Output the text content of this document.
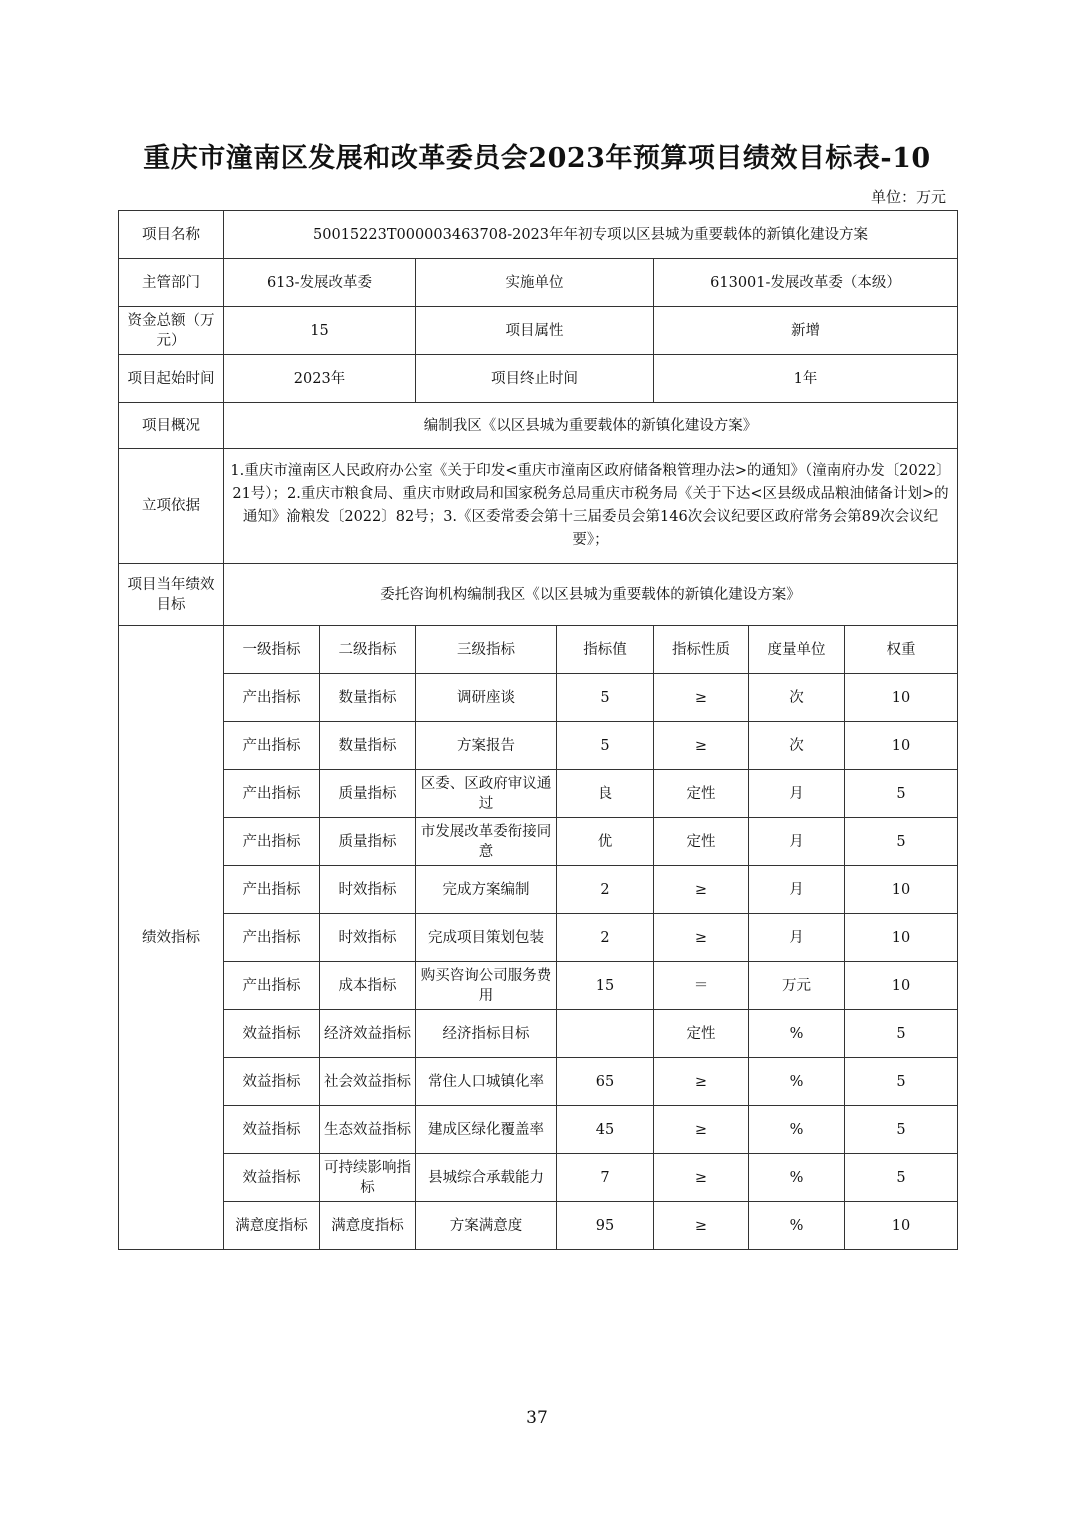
重庆市潼南区发展和改革委员会2023年预算项目绩效目标表-10
单位：万元
项目名称	50015223T000003463708-2023年年初专项以区县城为重要载体的新镇化建设方案						
主管部门	613-发展改革委		实施单位		613001-发展改革委（本级）		
资金总额（万元）	15		项目属性		新增		
项目起始时间	2023年		项目终止时间		1年		
项目概况	编制我区《以区县城为重要载体的新镇化建设方案》						
立项依据	1.重庆市潼南区人民政府办公室《关于印发<重庆市潼南区政府储备粮管理办法>的通知》（潼南府办发〔2022〕21号）；2.重庆市粮食局、重庆市财政局和国家税务总局重庆市税务局《关于下达<区县级成品粮油储备计划>的通知》渝粮发〔2022〕82号；3.《区委常委会第十三届委员会第146次会议纪要区政府常务会第89次会议纪要》；						
项目当年绩效目标	委托咨询机构编制我区《以区县城为重要载体的新镇化建设方案》						
绩效指标	一级指标	二级指标	三级指标	指标值	指标性质	度量单位	权重
	产出指标	数量指标	调研座谈	5	≥	次	10
	产出指标	数量指标	方案报告	5	≥	次	10
	产出指标	质量指标	区委、区政府审议通过	良	定性	月	5
	产出指标	质量指标	市发展改革委衔接同意	优	定性	月	5
	产出指标	时效指标	完成方案编制	2	≥	月	10
	产出指标	时效指标	完成项目策划包装	2	≥	月	10
	产出指标	成本指标	购买咨询公司服务费用	15	＝	万元	10
	效益指标	经济效益指标	经济指标目标		定性	%	5
	效益指标	社会效益指标	常住人口城镇化率	65	≥	%	5
	效益指标	生态效益指标	建成区绿化覆盖率	45	≥	%	5
	效益指标	可持续影响指标	县城综合承载能力	7	≥	%	5
	满意度指标	满意度指标	方案满意度	95	≥	%	10
37
